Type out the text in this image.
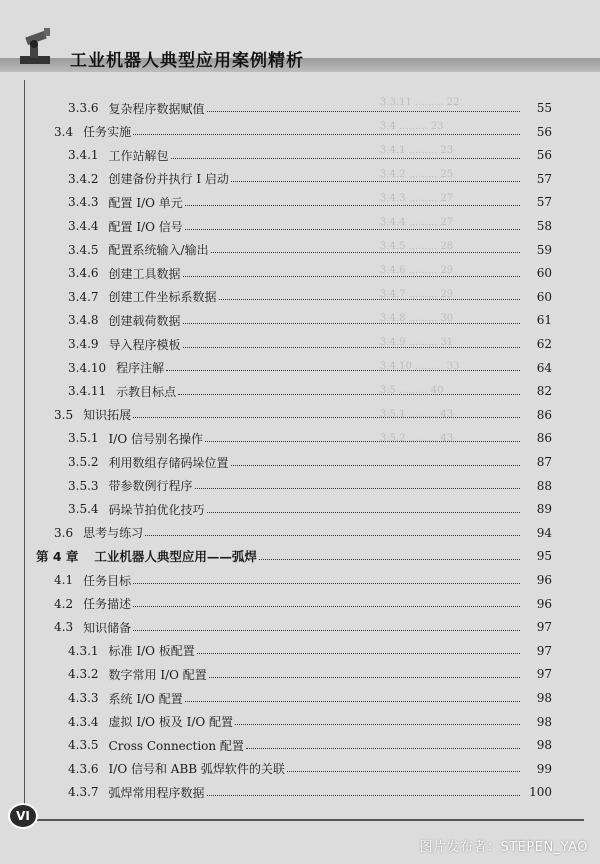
工业机器人典型应用案例精析
3.3.11 ......... 22
3.4 ......... 23
3.4.1 ......... 23
3.4.2 ......... 25
3.4.3 ......... 27
3.4.4 ......... 27
3.4.5 ......... 28
3.4.6 ......... 29
3.4.7 ......... 29
3.4.8 ......... 30
3.4.9 ......... 31
3.4.10 ......... 33
3.5 ......... 40
3.5.1 ......... 43
3.5.2 ......... 43
3.3.6 复杂程序数据赋值	55
3.4 任务实施	56
3.4.1 工作站解包	56
3.4.2 创建备份并执行 I 启动	57
3.4.3 配置 I/O 单元	57
3.4.4 配置 I/O 信号	58
3.4.5 配置系统输入/输出	59
3.4.6 创建工具数据	60
3.4.7 创建工件坐标系数据	60
3.4.8 创建载荷数据	61
3.4.9 导入程序模板	62
3.4.10 程序注解	64
3.4.11 示教目标点	82
3.5 知识拓展	86
3.5.1 I/O 信号别名操作	86
3.5.2 利用数组存储码垛位置	87
3.5.3 带参数例行程序	88
3.5.4 码垛节拍优化技巧	89
3.6 思考与练习	94
第 4 章 工业机器人典型应用——弧焊	95
4.1 任务目标	96
4.2 任务描述	96
4.3 知识储备	97
4.3.1 标准 I/O 板配置	97
4.3.2 数字常用 I/O 配置	97
4.3.3 系统 I/O 配置	98
4.3.4 虚拟 I/O 板及 I/O 配置	98
4.3.5 Cross Connection 配置	98
4.3.6 I/O 信号和 ABB 弧焊软件的关联	99
4.3.7 弧焊常用程序数据	100
VI
图片发布者：STEPEN_YAO
